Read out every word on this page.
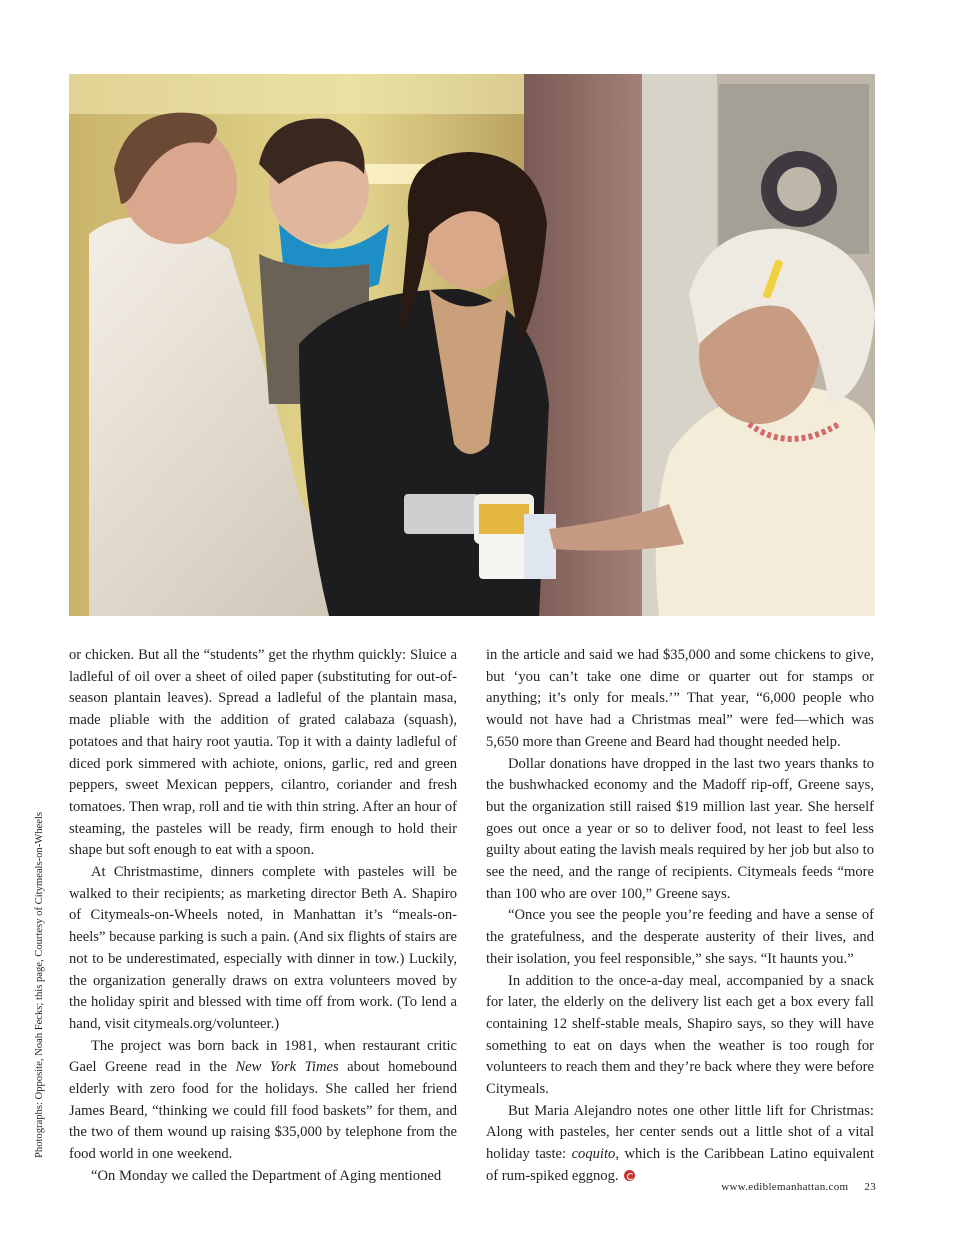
Photographs: Opposite, Noah Fecks; this page, Courtesy of Citymeals-on-Wheels

or chicken. But all the “students” get the rhythm quickly: Sluice a ladleful of oil over a sheet of oiled paper (substituting for out-of-season plantain leaves). Spread a ladleful of the plantain masa, made pliable with the addition of grated calabaza (squash), potatoes and that hairy root yautia. Top it with a dainty ladleful of diced pork simmered with achiote, onions, garlic, red and green peppers, sweet Mexican peppers, cilantro, coriander and fresh tomatoes. Then wrap, roll and tie with thin string. After an hour of steaming, the pasteles will be ready, firm enough to hold their shape but soft enough to eat with a spoon.

At Christmastime, dinners complete with pasteles will be walked to their recipients; as marketing director Beth A. Shapiro of Citymeals-on-Wheels noted, in Manhattan it’s “meals-on-heels” because parking is such a pain. (And six flights of stairs are not to be underestimated, especially with dinner in tow.) Luckily, the organization generally draws on extra volunteers moved by the holiday spirit and blessed with time off from work. (To lend a hand, visit citymeals.org/volunteer.)

The project was born back in 1981, when restaurant critic Gael Greene read in the New York Times about homebound elderly with zero food for the holidays. She called her friend James Beard, “thinking we could fill food baskets” for them, and the two of them wound up raising $35,000 by telephone from the food world in one weekend.

“On Monday we called the Department of Aging mentioned

in the article and said we had $35,000 and some chickens to give, but ‘you can’t take one dime or quarter out for stamps or anything; it’s only for meals.’” That year, “6,000 people who would not have had a Christmas meal” were fed—which was 5,650 more than Greene and Beard had thought needed help.

Dollar donations have dropped in the last two years thanks to the bushwhacked economy and the Madoff rip-off, Greene says, but the organization still raised $19 million last year. She herself goes out once a year or so to deliver food, not least to feel less guilty about eating the lavish meals required by her job but also to see the need, and the range of recipients. Citymeals feeds “more than 100 who are over 100,” Greene says.

“Once you see the people you’re feeding and have a sense of the gratefulness, and the desperate austerity of their lives, and their isolation, you feel responsible,” she says. “It haunts you.”

In addition to the once-a-day meal, accompanied by a snack for later, the elderly on the delivery list each get a box every fall containing 12 shelf-stable meals, Shapiro says, so they will have something to eat on days when the weather is too rough for volunteers to reach them and they’re back where they were before Citymeals.

But Maria Alejandro notes one other little lift for Christmas: Along with pasteles, her center sends out a little shot of a vital holiday taste: coquito, which is the Caribbean Latino equivalent of rum-spiked eggnog.

www.ediblemanhattan.com 23
